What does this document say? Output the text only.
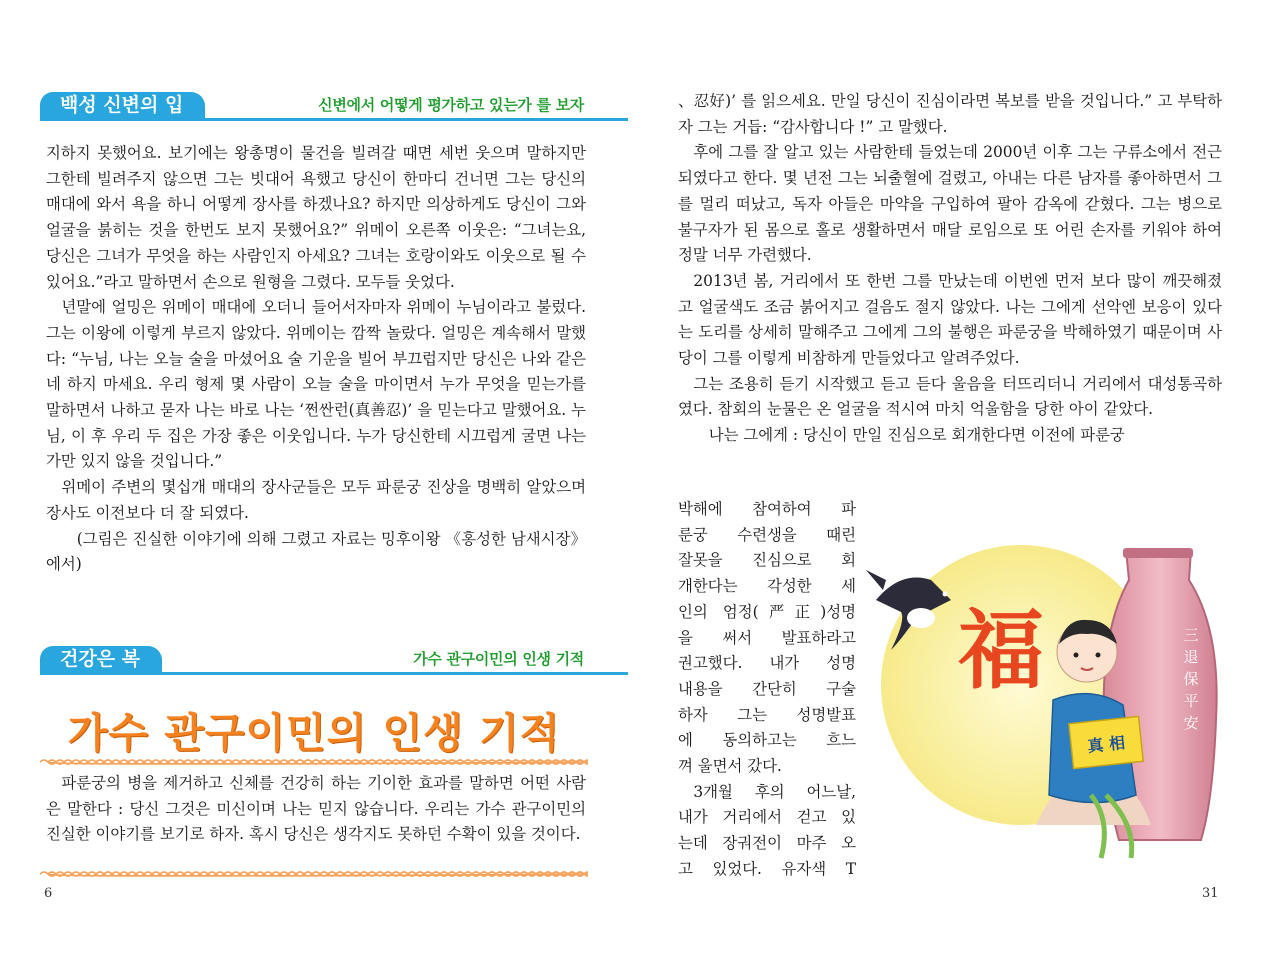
백성 신변의 입	신변에서 어떻게 평가하고 있는가 를 보자

지하지 못했어요. 보기에는 왕총명이 물건을 빌려갈 때면 세번 웃으며 말하지만 그한테 빌려주지 않으면 그는 빗대어 욕했고 당신이 한마디 건너면 그는 당신의 매대에 와서 욕을 하니 어떻게 장사를 하겠나요? 하지만 의상하게도 당신이 그와 얼굴을 붉히는 것을 한번도 보지 못했어요?” 위메이 오른쪽 이웃은: “그녀는요, 당신은 그녀가 무엇을 하는 사람인지 아세요? 그녀는 호랑이와도 이웃으로 될 수 있어요.”라고 말하면서 손으로 원형을 그렸다. 모두들 웃었다.

년말에 얼밍은 위메이 매대에 오더니 들어서자마자 위메이 누님이라고 불렀다. 그는 이왕에 이렇게 부르지 않았다. 위메이는 깜짝 놀랐다. 얼밍은 계속해서 말했다: “누님, 나는 오늘 술을 마셨어요 술 기운을 빌어 부끄럽지만 당신은 나와 같은네 하지 마세요. 우리 형제 몇 사람이 오늘 술을 마이면서 누가 무엇을 믿는가를 말하면서 나하고 묻자 나는 바로 나는 ‘쩐싼런(真善忍)’ 을 믿는다고 말했어요. 누님, 이 후 우리 두 집은 가장 좋은 이웃입니다. 누가 당신한테 시끄럽게 굴면 나는 가만 있지 않을 것입니다.”

위메이 주변의 몇십개 매대의 장사군들은 모두 파룬궁 진상을 명백히 알았으며 장사도 이전보다 더 잘 되였다.

(그림은 진실한 이야기에 의해 그렸고 자료는 밍후이왕 《홍성한 남새시장》에서)

건강은 복	가수 관구이민의 인생 기적
가수 관구이민의 인생 기적

파룬궁의 병을 제거하고 신체를 건강히 하는 기이한 효과를 말하면 어떤 사람은 말한다 : 당신 그것은 미신이며 나는 믿지 않습니다. 우리는 가수 관구이민의 진실한 이야기를 보기로 하자. 혹시 당신은 생각지도 못하던 수확이 있을 것이다.

6

、忍好)’ 를 읽으세요. 만일 당신이 진심이라면 복보를 받을 것입니다.” 고 부탁하자 그는 거듭: “감사합니다 !” 고 말했다.

후에 그를 잘 알고 있는 사람한테 들었는데 2000년 이후 그는 구류소에서 전근되였다고 한다. 몇 년전 그는 뇌출혈에 걸렸고, 아내는 다른 남자를 좋아하면서 그를 멀리 떠났고, 독자 아들은 마약을 구입하여 팔아 감옥에 갇혔다. 그는 병으로 불구자가 된 몸으로 홀로 생활하면서 매달 로임으로 또 어린 손자를 키워야 하여 정말 너무 가련했다.

2013년 봄, 거리에서 또 한번 그를 만났는데 이번엔 먼저 보다 많이 깨끗해졌고 얼굴색도 조금 붉어지고 걸음도 절지 않았다. 나는 그에게 선악엔 보응이 있다는 도리를 상세히 말해주고 그에게 그의 불행은 파룬궁을 박해하였기 때문이며 사당이 그를 이렇게 비참하게 만들었다고 알려주었다.

그는 조용히 듣기 시작했고 듣고 듣다 울음을 터뜨리더니 거리에서 대성통곡하였다. 참회의 눈물은 온 얼굴을 적시여 마치 억울함을 당한 아이 같았다.

나는 그에게 : 당신이 만일 진심으로 회개한다면 이전에 파룬궁

박해에 참여하여 파
룬궁 수련생을 때린
잘못을 진심으로 회
개한다는 각성한 세
인의 엄정(严正)성명
을 써서 발표하라고
권고했다. 내가 성명
내용을 간단히 구술
하자 그는 성명발표
에 동의하고는 흐느
껴 울면서 갔다.
3개월 후의 어느날,
내가 거리에서 걷고 있
는데 장궈전이 마주 오
고 있었다. 유자색 T
31
三退保平安
福
真 相
